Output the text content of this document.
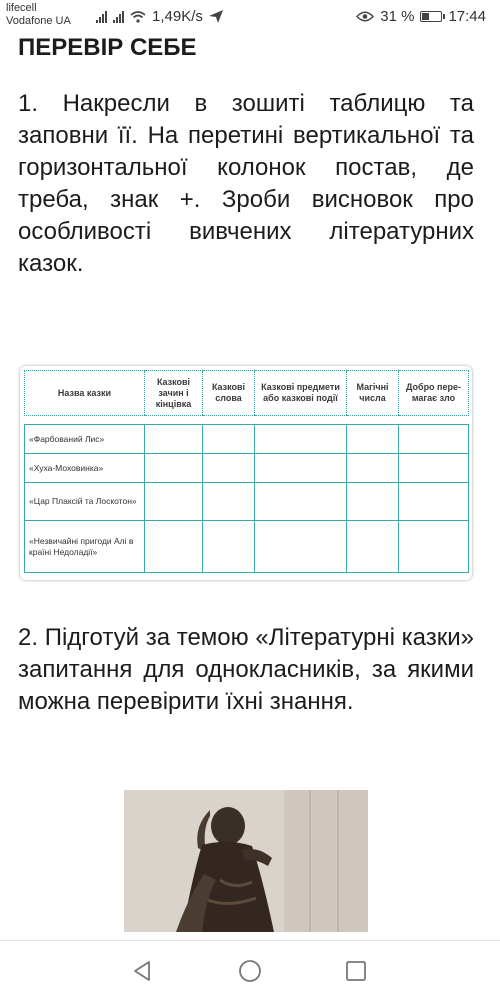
lifecell
Vodafone UA	1,49K/s	31 % 17:44
ПЕРЕВІР СЕБЕ

1. Накресли в зошиті таблицю та заповни її. На перетині вертикальної та горизонтальної колонок постав, де треба, знак +. Зроби висновок про особливості вивчених літературних казок.

Назва казки	Казкові зачин і кінцівка	Казкові слова	Казкові предмети або казкові події	Магічні числа	Добро пере-магає зло

«Фарбований Лис»					
«Хуха-Моховинка»					
«Цар Плаксій та Лоскотон»					
«Незвичайні пригоди Алі в країні Недоладії»					

2. Підготуй за темою «Літературні казки» запитання для однокласників, за якими можна перевірити їхні знання.
